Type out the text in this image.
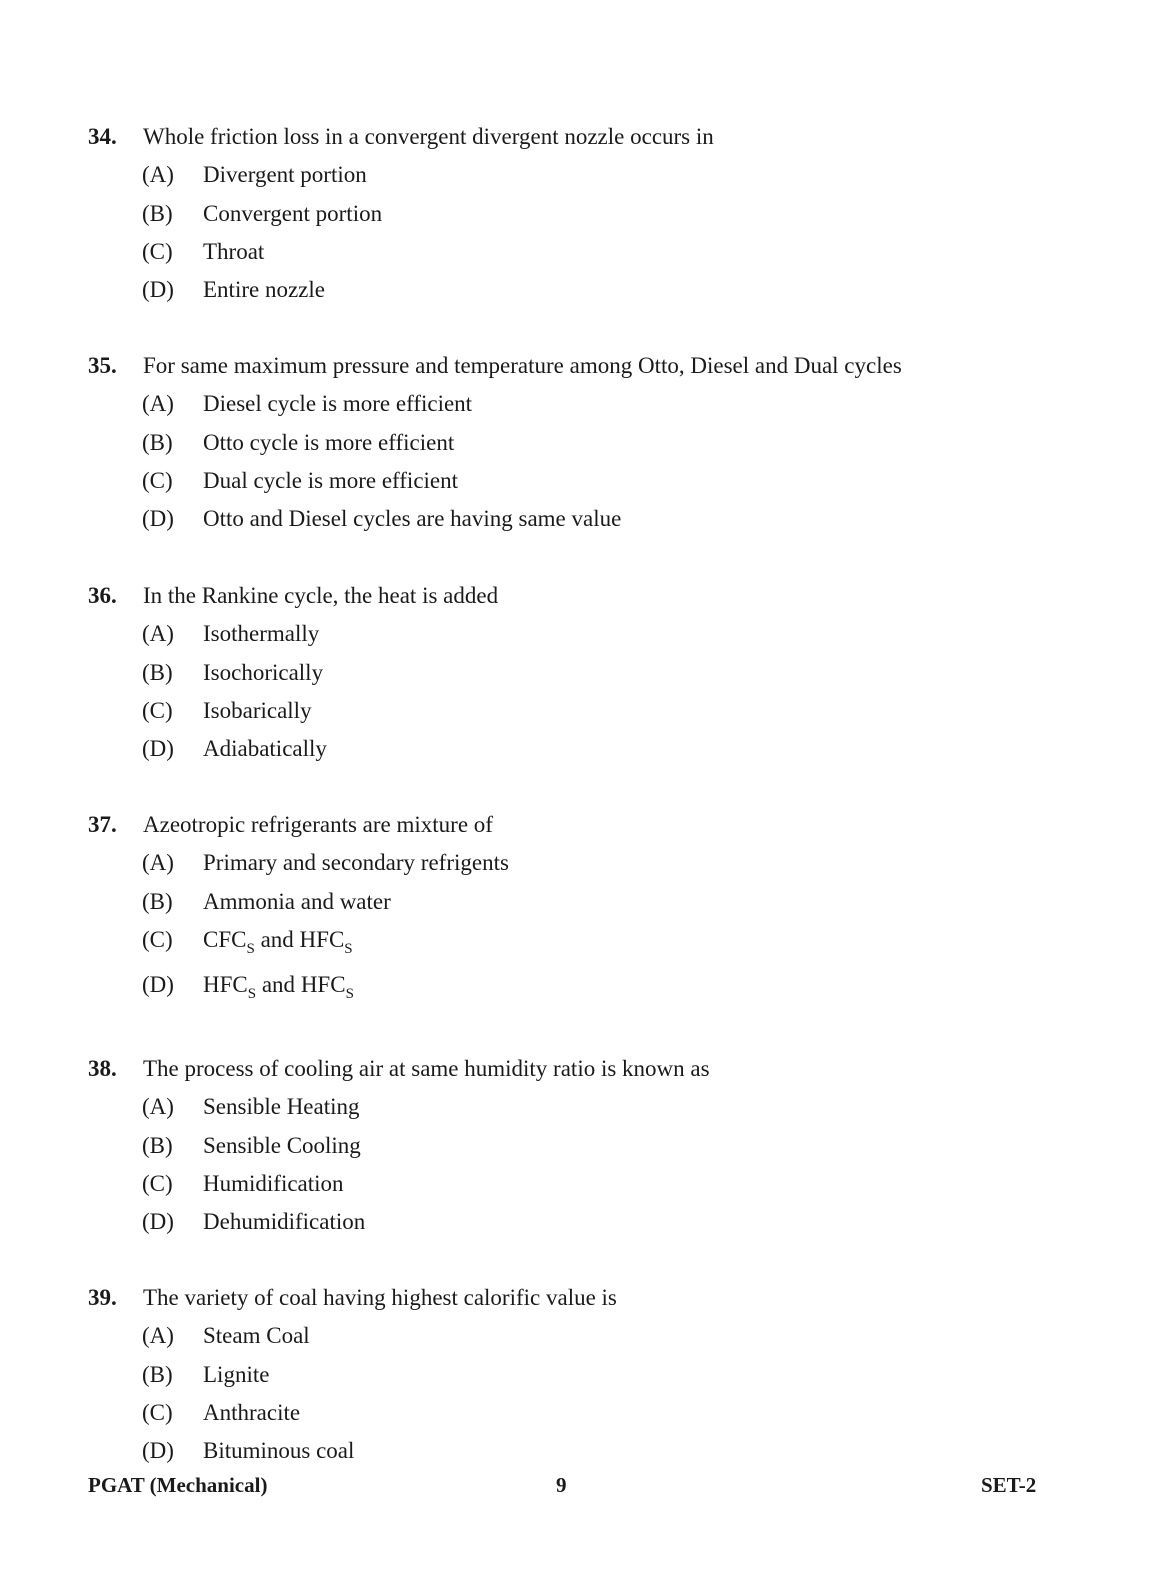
34. Whole friction loss in a convergent divergent nozzle occurs in
(A) Divergent portion
(B) Convergent portion
(C) Throat
(D) Entire nozzle
35. For same maximum pressure and temperature among Otto, Diesel and Dual cycles
(A) Diesel cycle is more efficient
(B) Otto cycle is more efficient
(C) Dual cycle is more efficient
(D) Otto and Diesel cycles are having same value
36. In the Rankine cycle, the heat is added
(A) Isothermally
(B) Isochorically
(C) Isobarically
(D) Adiabatically
37. Azeotropic refrigerants are mixture of
(A) Primary and secondary refrigents
(B) Ammonia and water
(C) $CFC_S$ and $HFC_S$
(D) $HFC_S$ and $HFC_S$
38. The process of cooling air at same humidity ratio is known as
(A) Sensible Heating
(B) Sensible Cooling
(C) Humidification
(D) Dehumidification
39. The variety of coal having highest calorific value is
(A) Steam Coal
(B) Lignite
(C) Anthracite
(D) Bituminous coal
PGAT (Mechanical)	9	SET-2
